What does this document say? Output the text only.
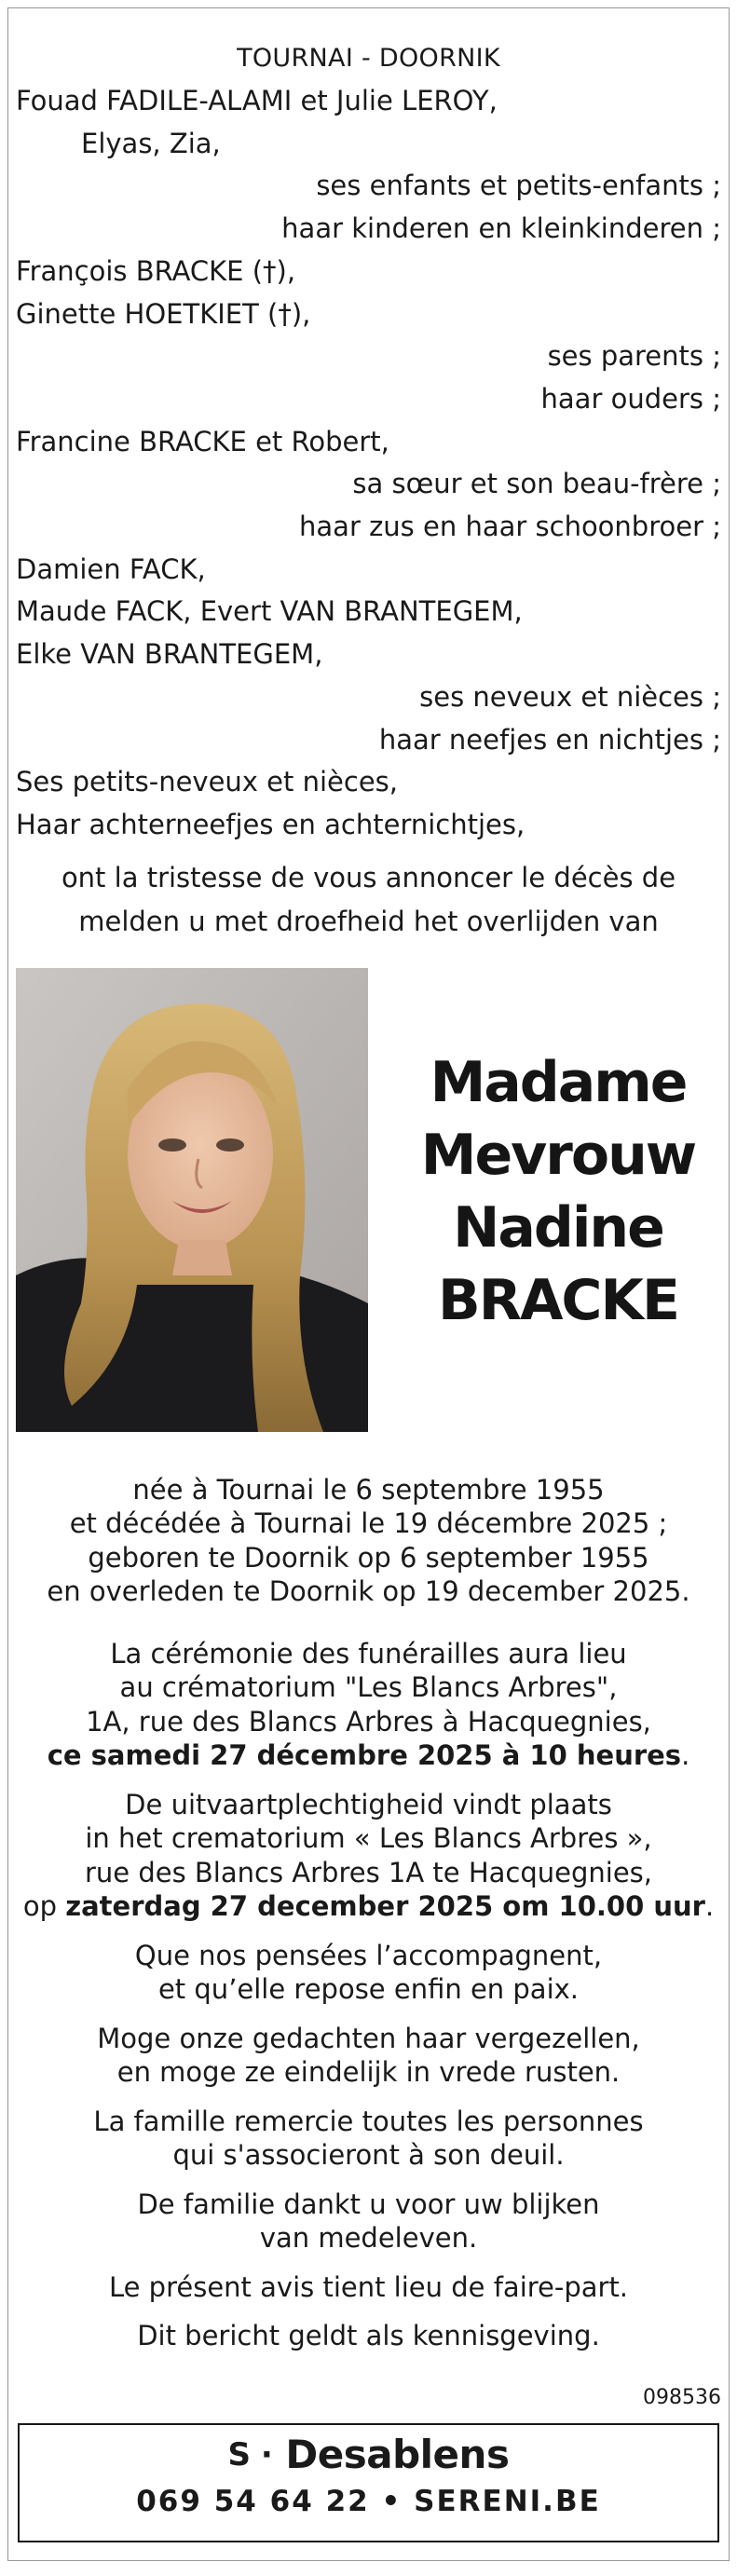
TOURNAI - DOORNIK
Fouad FADILE-ALAMI et Julie LEROY,
Elyas, Zia,
ses enfants et petits-enfants ;
haar kinderen en kleinkinderen ;
François BRACKE (†),
Ginette HOETKIET (†),
ses parents ;
haar ouders ;
Francine BRACKE et Robert,
sa sœur et son beau-frère ;
haar zus en haar schoonbroer ;
Damien FACK,
Maude FACK, Evert VAN BRANTEGEM,
Elke VAN BRANTEGEM,
ses neveux et nièces ;
haar neefjes en nichtjes ;
Ses petits-neveux et nièces,
Haar achterneefjes en achternichtjes,
ont la tristesse de vous annoncer le décès de
melden u met droefheid het overlijden van
Madame
Mevrouw
Nadine
BRACKE
née à Tournai le 6 septembre 1955
et décédée à Tournai le 19 décembre 2025 ;
geboren te Doornik op 6 september 1955
en overleden te Doornik op 19 december 2025.
La cérémonie des funérailles aura lieu
au crématorium "Les Blancs Arbres",
1A, rue des Blancs Arbres à Hacquegnies,
ce samedi 27 décembre 2025 à 10 heures.
De uitvaartplechtigheid vindt plaats
in het crematorium « Les Blancs Arbres »,
rue des Blancs Arbres 1A te Hacquegnies,
op zaterdag 27 december 2025 om 10.00 uur.
Que nos pensées l’accompagnent,
et qu’elle repose enfin en paix.
Moge onze gedachten haar vergezellen,
en moge ze eindelijk in vrede rusten.
La famille remercie toutes les personnes
qui s'associeront à son deuil.
De familie dankt u voor uw blijken
van medeleven.
Le présent avis tient lieu de faire-part.
Dit bericht geldt als kennisgeving.
098536
S · Desablens
069 54 64 22 • SERENI.BE
